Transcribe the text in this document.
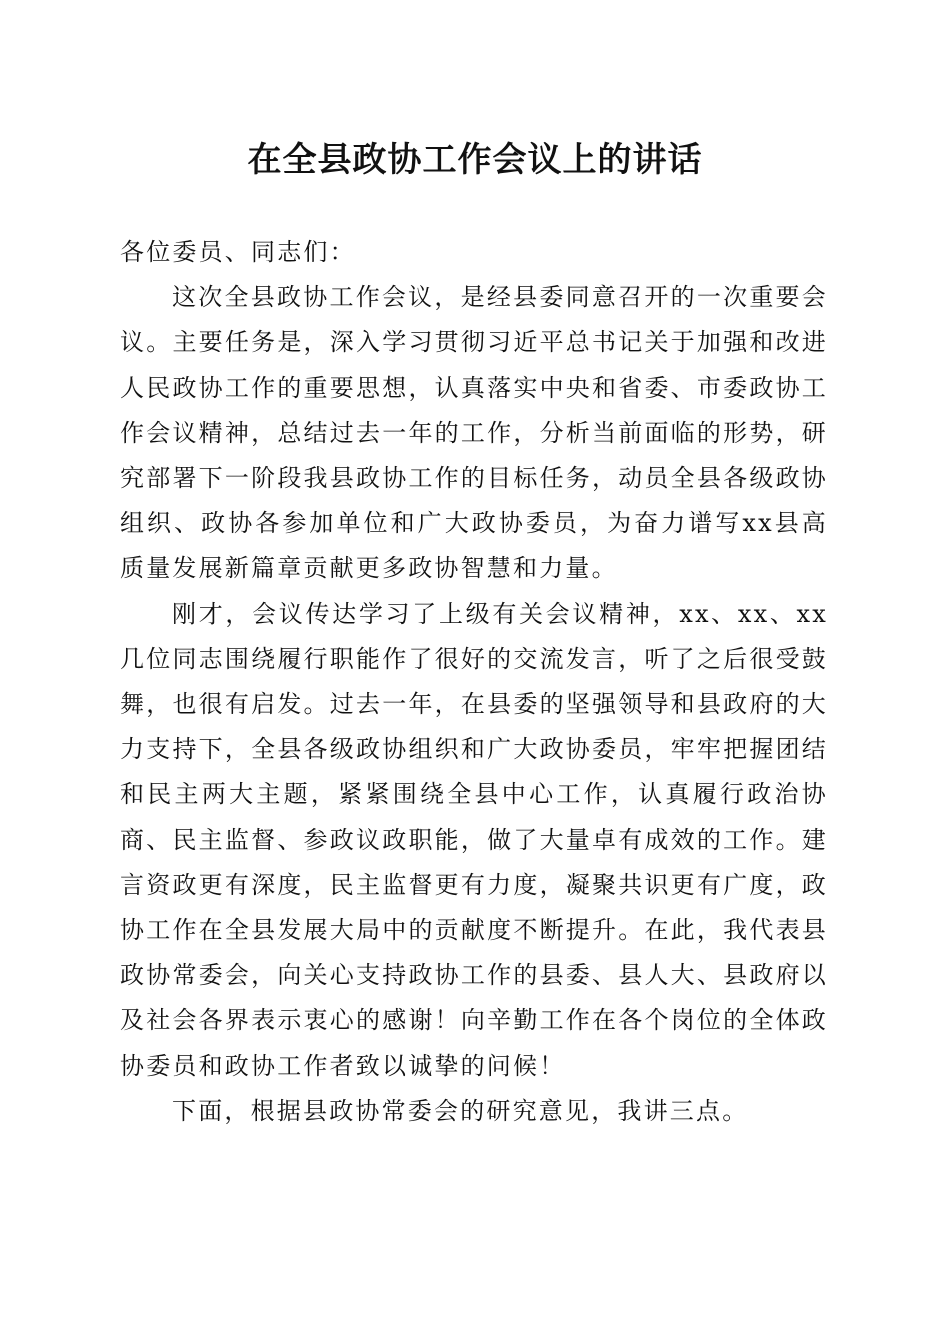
在全县政协工作会议上的讲话

各位委员、同志们：

这次全县政协工作会议，是经县委同意召开的一次重要会议。主要任务是，深入学习贯彻习近平总书记关于加强和改进人民政协工作的重要思想，认真落实中央和省委、市委政协工作会议精神，总结过去一年的工作，分析当前面临的形势，研究部署下一阶段我县政协工作的目标任务，动员全县各级政协组织、政协各参加单位和广大政协委员，为奋力谱写xx县高质量发展新篇章贡献更多政协智慧和力量。

刚才，会议传达学习了上级有关会议精神，xx、xx、xx几位同志围绕履行职能作了很好的交流发言，听了之后很受鼓舞，也很有启发。过去一年，在县委的坚强领导和县政府的大力支持下，全县各级政协组织和广大政协委员，牢牢把握团结和民主两大主题，紧紧围绕全县中心工作，认真履行政治协商、民主监督、参政议政职能，做了大量卓有成效的工作。建言资政更有深度，民主监督更有力度，凝聚共识更有广度，政协工作在全县发展大局中的贡献度不断提升。在此，我代表县政协常委会，向关心支持政协工作的县委、县人大、县政府以及社会各界表示衷心的感谢！向辛勤工作在各个岗位的全体政协委员和政协工作者致以诚挚的问候！

下面，根据县政协常委会的研究意见，我讲三点。
